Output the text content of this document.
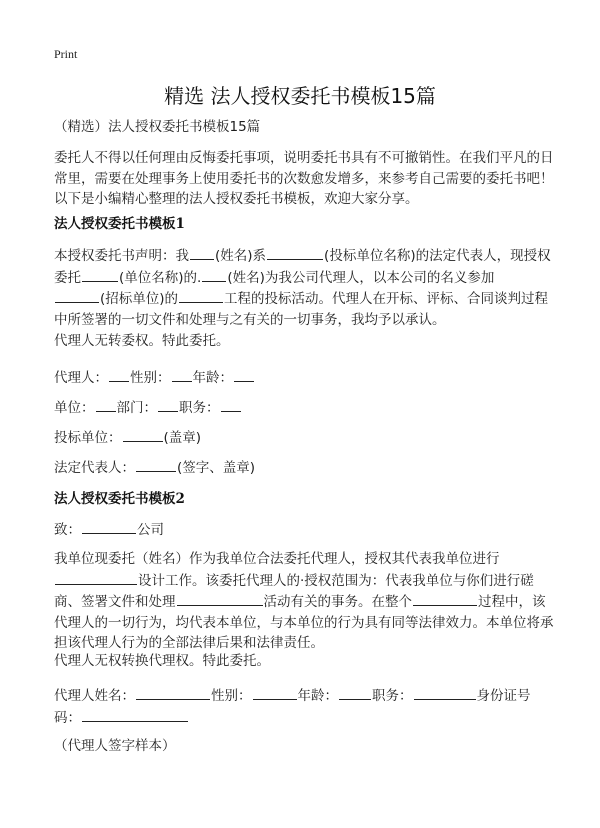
Print
精选 法人授权委托书模板15篇
（精选）法人授权委托书模板15篇
委托人不得以任何理由反悔委托事项，说明委托书具有不可撤销性。在我们平凡的日常里，需要在处理事务上使用委托书的次数愈发增多，来参考自己需要的委托书吧！以下是小编精心整理的法人授权委托书模板，欢迎大家分享。
法人授权委托书模板1
本授权委托书声明：我 (姓名)系	(投标单位名称)的法定代表人，现授权委托	(单位名称)的. (姓名)为我公司代理人，以本公司的名义参加
(招标单位)的	工程的投标活动。代理人在开标、评标、合同谈判过程中所签署的一切文件和处理与之有关的一切事务，我均予以承认。
代理人无转委权。特此委托。
代理人： 性别： 年龄：
单位： 部门： 职务：
投标单位：	(盖章)
法定代表人：	(签字、盖章)
法人授权委托书模板2
致：	公司
我单位现委托（姓名）作为我单位合法委托代理人，授权其代表我单位进行
设计工作。该委托代理人的·授权范围为：代表我单位与你们进行磋商、签署文件和处理	活动有关的事务。在整个	过程中，该代理人的一切行为，均代表本单位，与本单位的行为具有同等法律效力。本单位将承担该代理人行为的全部法律后果和法律责任。
代理人无权转换代理权。特此委托。
代理人姓名：	性别：	年龄：	职务：	身份证号码：
（代理人签字样本）
